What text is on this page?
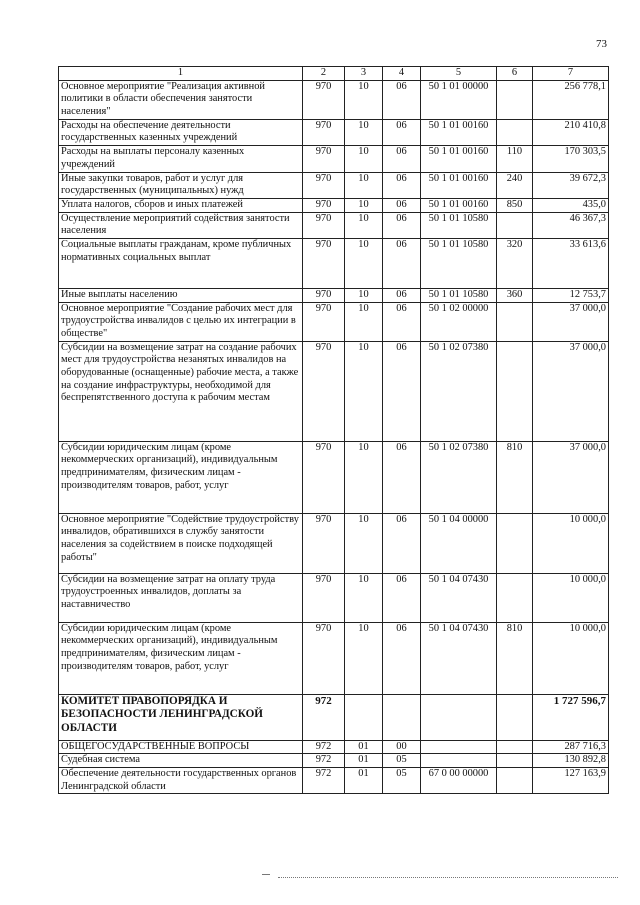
73
1	2	3	4	5	6	7
Основное мероприятие "Реализация активной политики в области обеспечения занятости населения"	970	10	06	50 1 01 00000		256 778,1
Расходы на обеспечение деятельности государственных казенных учреждений	970	10	06	50 1 01 00160		210 410,8
Расходы на выплаты персоналу казенных учреждений	970	10	06	50 1 01 00160	110	170 303,5
Иные закупки товаров, работ и услуг для государственных (муниципальных) нужд	970	10	06	50 1 01 00160	240	39 672,3
Уплата налогов, сборов и иных платежей	970	10	06	50 1 01 00160	850	435,0
Осуществление мероприятий содействия занятости населения	970	10	06	50 1 01 10580		46 367,3
Социальные выплаты гражданам, кроме публичных нормативных социальных выплат	970	10	06	50 1 01 10580	320	33 613,6
Иные выплаты населению	970	10	06	50 1 01 10580	360	12 753,7
Основное мероприятие "Создание рабочих мест для трудоустройства инвалидов с целью их интеграции в обществе"	970	10	06	50 1 02 00000		37 000,0
Субсидии на возмещение затрат на создание рабочих мест для трудоустройства незанятых инвалидов на оборудованные (оснащенные) рабочие места, а также на создание инфраструктуры, необходимой для беспрепятственного доступа к рабочим местам	970	10	06	50 1 02 07380		37 000,0
Субсидии юридическим лицам (кроме некоммерческих организаций), индивидуальным предпринимателям, физическим лицам - производителям товаров, работ, услуг	970	10	06	50 1 02 07380	810	37 000,0
Основное мероприятие "Содействие трудоустройству инвалидов, обратившихся в службу занятости населения за содействием в поиске подходящей работы"	970	10	06	50 1 04 00000		10 000,0
Субсидии на возмещение затрат на оплату труда трудоустроенных инвалидов, доплаты за наставничество	970	10	06	50 1 04 07430		10 000,0
Субсидии юридическим лицам (кроме некоммерческих организаций), индивидуальным предпринимателям, физическим лицам - производителям товаров, работ, услуг	970	10	06	50 1 04 07430	810	10 000,0
КОМИТЕТ ПРАВОПОРЯДКА И БЕЗОПАСНОСТИ ЛЕНИНГРАДСКОЙ ОБЛАСТИ	972					1 727 596,7
ОБЩЕГОСУДАРСТВЕННЫЕ ВОПРОСЫ	972	01	00			287 716,3
Судебная система	972	01	05			130 892,8
Обеспечение деятельности государственных органов Ленинградской области	972	01	05	67 0 00 00000		127 163,9
